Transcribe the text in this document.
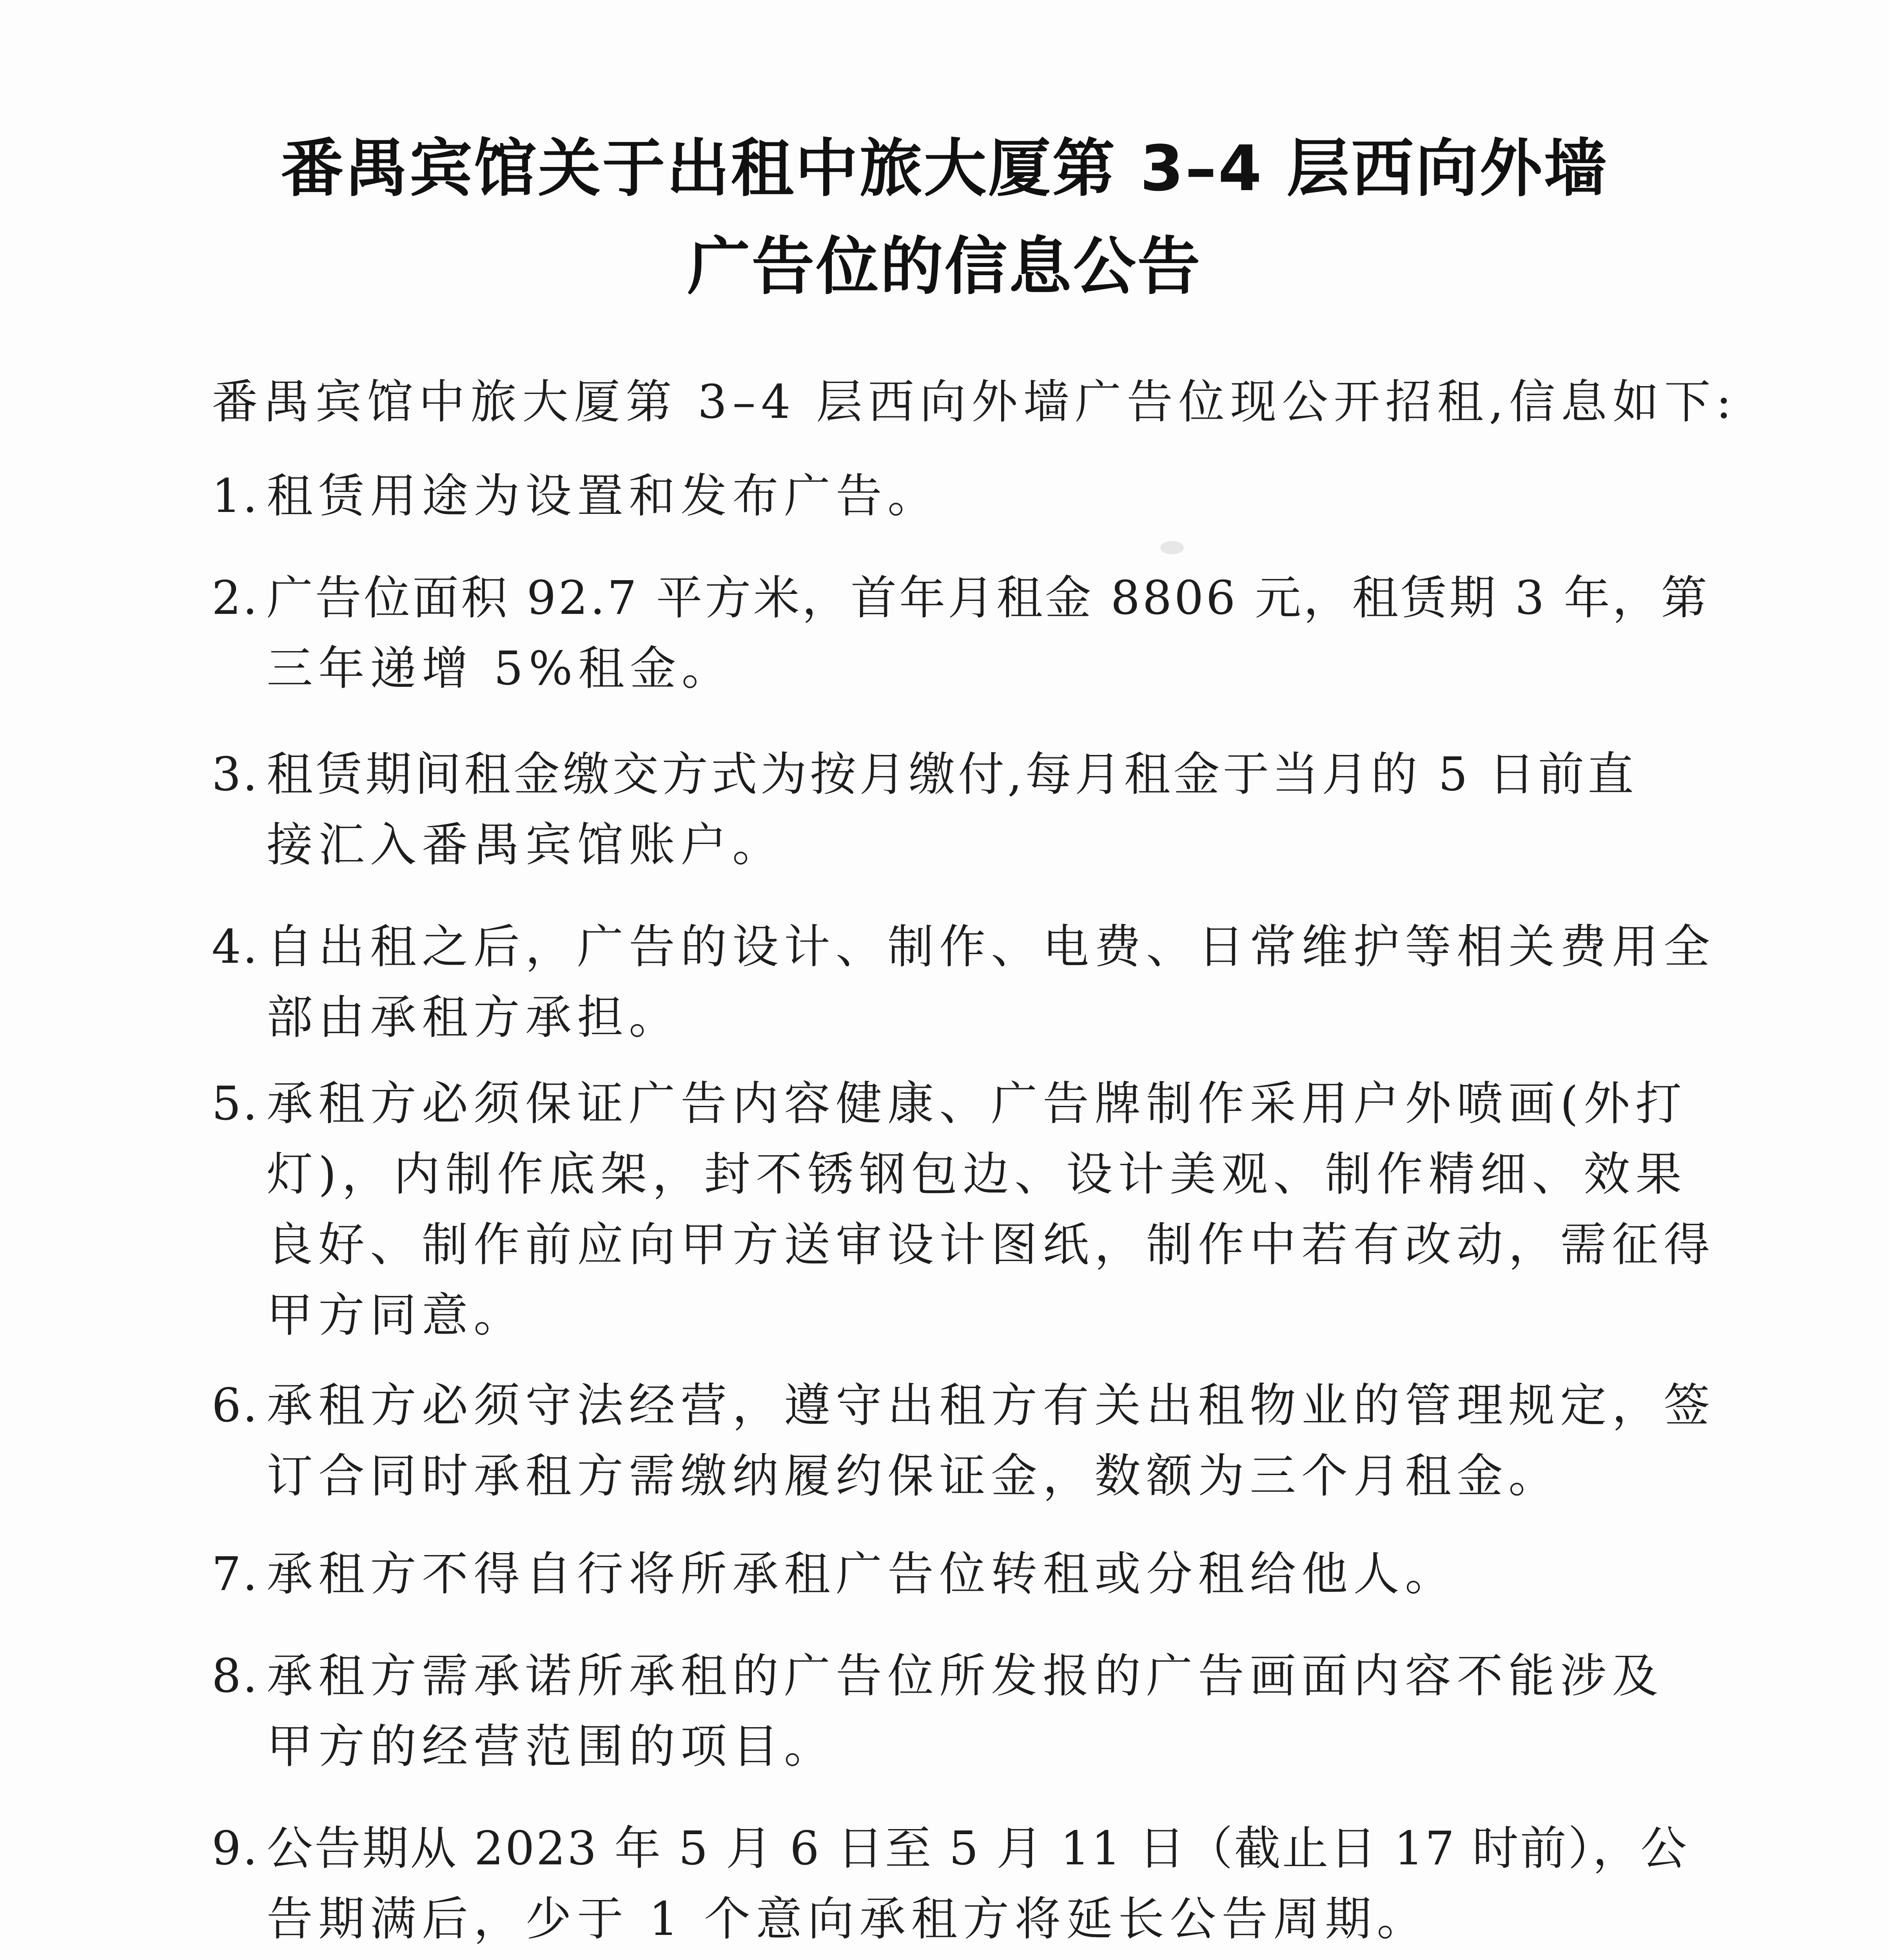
番禺宾馆关于出租中旅大厦第 3–4 层西向外墙
广告位的信息公告
番禺宾馆中旅大厦第 3–4 层西向外墙广告位现公开招租,信息如下:
1. 租赁用途为设置和发布广告。
2. 广告位面积 92.7 平方米，首年月租金 8806 元，租赁期 3 年，第
三年递增 5%租金。
3. 租赁期间租金缴交方式为按月缴付,每月租金于当月的 5 日前直
接汇入番禺宾馆账户。
4. 自出租之后，广告的设计、制作、电费、日常维护等相关费用全
部由承租方承担。
5. 承租方必须保证广告内容健康、广告牌制作采用户外喷画(外打
灯)，内制作底架，封不锈钢包边、设计美观、制作精细、效果
良好、制作前应向甲方送审设计图纸，制作中若有改动，需征得
甲方同意。
6. 承租方必须守法经营，遵守出租方有关出租物业的管理规定，签
订合同时承租方需缴纳履约保证金，数额为三个月租金。
7. 承租方不得自行将所承租广告位转租或分租给他人。
8. 承租方需承诺所承租的广告位所发报的广告画面内容不能涉及
甲方的经营范围的项目。
9. 公告期从 2023 年 5 月 6 日至 5 月 11 日（截止日 17 时前），公
告期满后，少于 1 个意向承租方将延长公告周期。
